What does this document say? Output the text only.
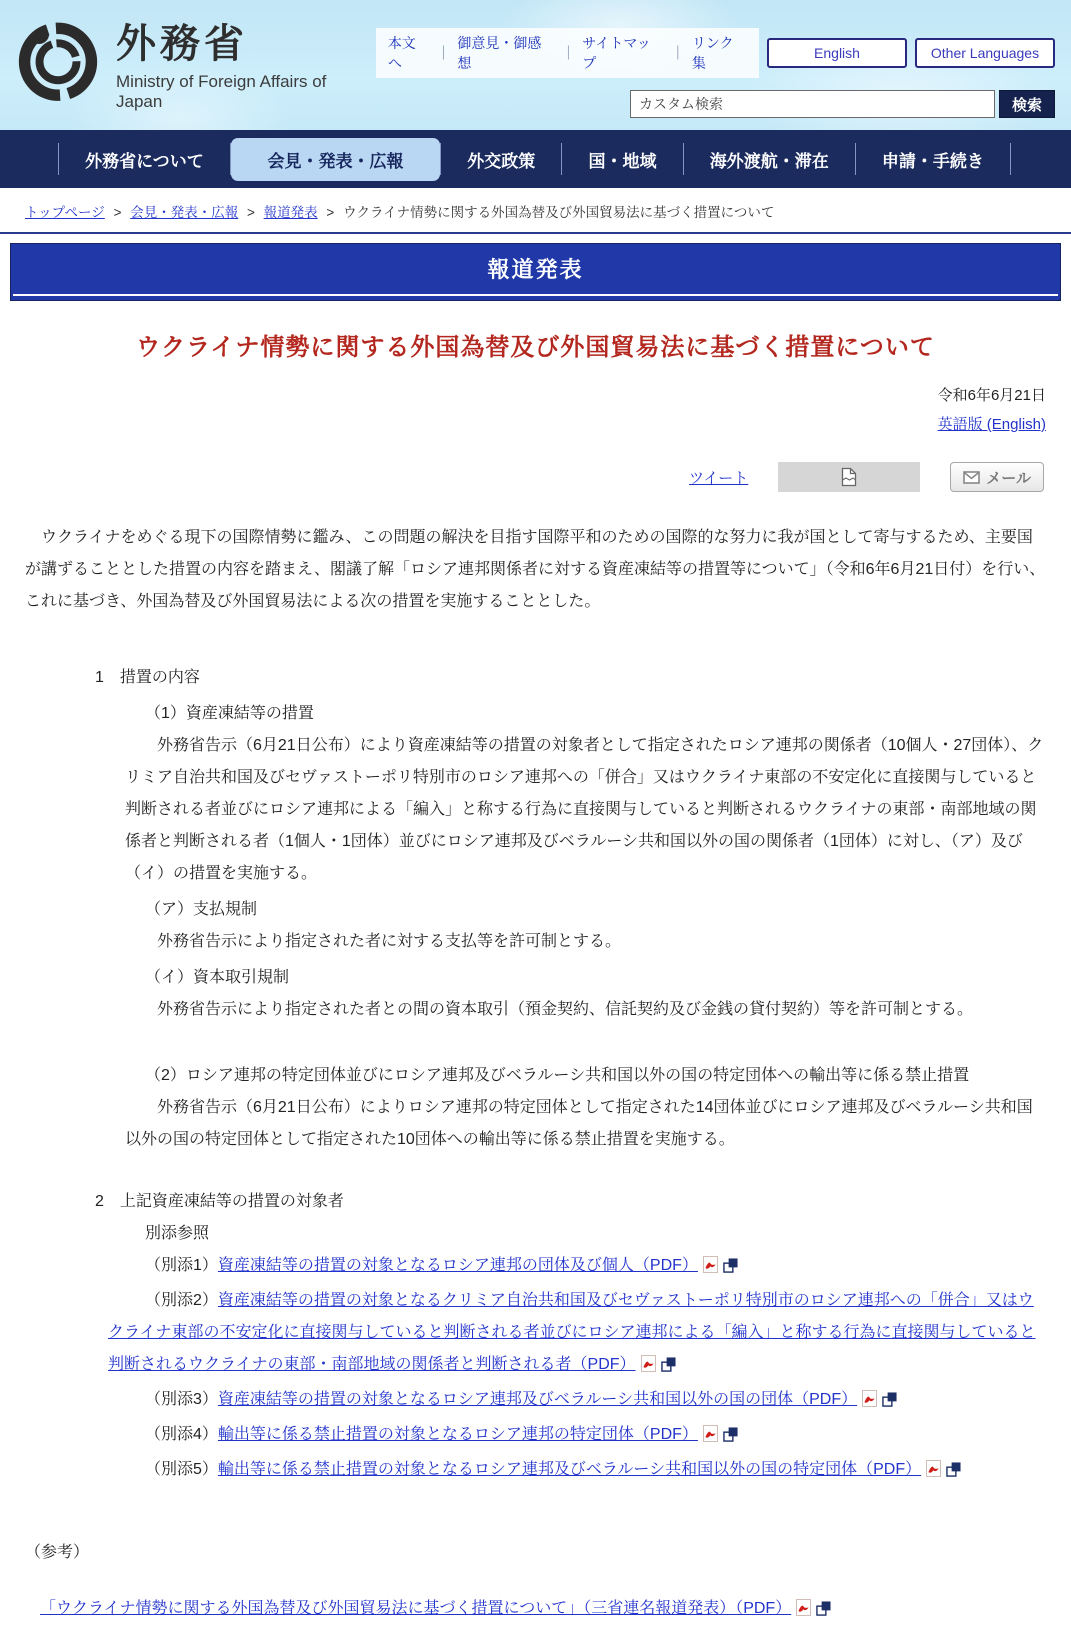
外務省
Ministry of Foreign Affairs of Japan
本文へ
｜
御意見・御感想
｜
サイトマップ
｜
リンク集
English	Other Languages
カスタム検索
検索
外務省について	会見・発表・広報	外交政策	国・地域	海外渡航・滞在	申請・手続き
トップページ > 会見・発表・広報 > 報道発表 > ウクライナ情勢に関する外国為替及び外国貿易法に基づく措置について
報道発表
ウクライナ情勢に関する外国為替及び外国貿易法に基づく措置について

令和6年6月21日

英語版 (English)

ツイート	メール

　ウクライナをめぐる現下の国際情勢に鑑み、この問題の解決を目指す国際平和のための国際的な努力に我が国として寄与するため、主要国が講ずることとした措置の内容を踏まえ、閣議了解「ロシア連邦関係者に対する資産凍結等の措置等について」（令和6年6月21日付）を行い、これに基づき、外国為替及び外国貿易法による次の措置を実施することとした。

1　措置の内容

（1）資産凍結等の措置

外務省告示（6月21日公布）により資産凍結等の措置の対象者として指定されたロシア連邦の関係者（10個人・27団体）、クリミア自治共和国及びセヴァストーポリ特別市のロシア連邦への「併合」又はウクライナ東部の不安定化に直接関与していると判断される者並びにロシア連邦による「編入」と称する行為に直接関与していると判断されるウクライナの東部・南部地域の関係者と判断される者（1個人・1団体）並びにロシア連邦及びベラルーシ共和国以外の国の関係者（1団体）に対し、（ア）及び（イ）の措置を実施する。

（ア）支払規制

外務省告示により指定された者に対する支払等を許可制とする。

（イ）資本取引規制

外務省告示により指定された者との間の資本取引（預金契約、信託契約及び金銭の貸付契約）等を許可制とする。

（2）ロシア連邦の特定団体並びにロシア連邦及びベラルーシ共和国以外の国の特定団体への輸出等に係る禁止措置

外務省告示（6月21日公布）によりロシア連邦の特定団体として指定された14団体並びにロシア連邦及びベラルーシ共和国以外の国の特定団体として指定された10団体への輸出等に係る禁止措置を実施する。

2　上記資産凍結等の措置の対象者

別添参照

（別添1）資産凍結等の措置の対象となるロシア連邦の団体及び個人（PDF）

（別添2）資産凍結等の措置の対象となるクリミア自治共和国及びセヴァストーポリ特別市のロシア連邦への「併合」又はウクライナ東部の不安定化に直接関与していると判断される者並びにロシア連邦による「編入」と称する行為に直接関与していると判断されるウクライナの東部・南部地域の関係者と判断される者（PDF）

（別添3）資産凍結等の措置の対象となるロシア連邦及びベラルーシ共和国以外の国の団体（PDF）

（別添4）輸出等に係る禁止措置の対象となるロシア連邦の特定団体（PDF）

（別添5）輸出等に係る禁止措置の対象となるロシア連邦及びベラルーシ共和国以外の国の特定団体（PDF）

（参考）

「ウクライナ情勢に関する外国為替及び外国貿易法に基づく措置について」（三省連名報道発表）（PDF）
